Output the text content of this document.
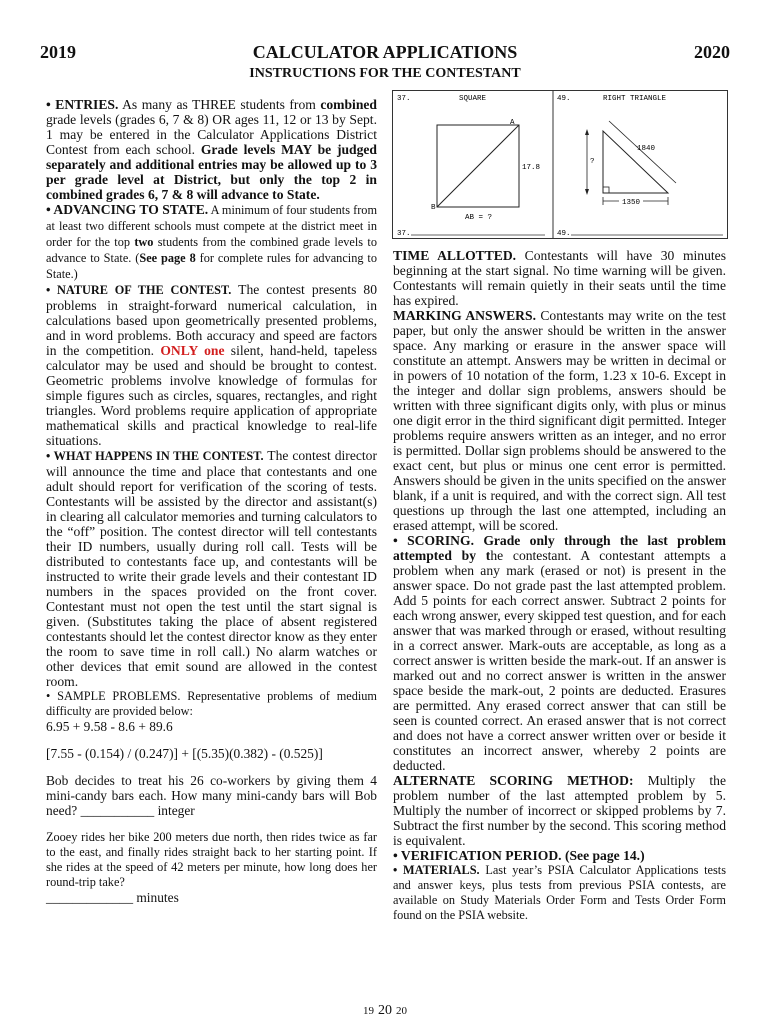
2019	CALCULATOR APPLICATIONS	2020
INSTRUCTIONS FOR THE CONTESTANT
37.	SQUARE
A
B
17.8
AB = ?
37.
49.	RIGHT TRIANGLE
?
1840
1350
49.

• ENTRIES. As many as THREE students from combined grade levels (grades 6, 7 & 8) OR ages 11, 12 or 13 by Sept. 1 may be entered in the Calculator Applications District Contest from each school. Grade levels MAY be judged separately and additional entries may be allowed up to 3 per grade level at District, but only the top 2 in combined grades 6, 7 & 8 will advance to State.

• ADVANCING TO STATE. A minimum of four students from at least two different schools must compete at the district meet in order for the top two students from the combined grade levels to advance to State. (See page 8 for complete rules for advancing to State.)

• NATURE OF THE CONTEST. The contest presents 80 problems in straight-forward numerical calculation, in calculations based upon geometrically presented problems, and in word problems. Both accuracy and speed are factors in the competition. ONLY one silent, hand-held, tapeless calculator may be used and should be brought to contest. Geometric problems involve knowledge of formulas for simple figures such as circles, squares, rectangles, and right triangles. Word problems require application of appropriate mathematical skills and practical knowledge to real-life situations.

• WHAT HAPPENS IN THE CONTEST. The contest director will announce the time and place that contestants and one adult should report for verification of the scoring of tests. Contestants will be assisted by the director and assistant(s) in clearing all calculator memories and turning calculators to the “off” position. The contest director will tell contestants their ID numbers, usually during roll call. Tests will be distributed to contestants face up, and contestants will be instructed to write their grade levels and their contestant ID numbers in the spaces provided on the front cover. Contestant must not open the test until the start signal is given. (Substitutes taking the place of absent registered contestants should let the contest director know as they enter the room to save time in roll call.) No alarm watches or other devices that emit sound are allowed in the contest room.

• SAMPLE PROBLEMS. Representative problems of medium difficulty are provided below:

6.95 + 9.58 - 8.6 + 89.6

[7.55 - (0.154) / (0.247)] + [(5.35)(0.382) - (0.525)]

Bob decides to treat his 26 co-workers by giving them 4 mini-candy bars each. How many mini-candy bars will Bob need? ___________ integer

Zooey rides her bike 200 meters due north, then rides twice as far to the east, and finally rides straight back to her starting point. If she rides at the speed of 42 meters per minute, how long does her round-trip take?

_____________ minutes

TIME ALLOTTED. Contestants will have 30 minutes beginning at the start signal. No time warning will be given. Contestants will remain quietly in their seats until the time has expired.

MARKING ANSWERS. Contestants may write on the test paper, but only the answer should be written in the answer space. Any marking or erasure in the answer space will constitute an attempt. Answers may be written in decimal or in powers of 10 notation of the form, 1.23 x 10-6. Except in the integer and dollar sign problems, answers should be written with three significant digits only, with plus or minus one digit error in the third significant digit permitted. Integer problems require answers written as an integer, and no error is permitted. Dollar sign problems should be answered to the exact cent, but plus or minus one cent error is permitted. Answers should be given in the units specified on the answer blank, if a unit is required, and with the correct sign. All test questions up through the last one attempted, including an erased attempt, will be scored.

• SCORING. Grade only through the last problem attempted by the contestant. A contestant attempts a problem when any mark (erased or not) is present in the answer space. Do not grade past the last attempted problem. Add 5 points for each correct answer. Subtract 2 points for each wrong answer, every skipped test question, and for each answer that was marked through or erased, without resulting in a correct answer. Mark-outs are acceptable, as long as a correct answer is written beside the mark-out. If an answer is marked out and no correct answer is written in the answer space beside the mark-out, 2 points are deducted. Erasures are permitted. Any erased correct answer that can still be seen is counted correct. An erased answer that is not correct and does not have a correct answer written over or beside it constitutes an incorrect answer, whereby 2 points are deducted.

ALTERNATE SCORING METHOD: Multiply the problem number of the last attempted problem by 5. Multiply the number of incorrect or skipped problems by 7. Subtract the first number by the second. This scoring method is equivalent.

• VERIFICATION PERIOD. (See page 14.)

• MATERIALS. Last year’s PSIA Calculator Applications tests and answer keys, plus tests from previous PSIA contests, are available on Study Materials Order Form and Tests Order Form found on the PSIA website.

19 20 20
